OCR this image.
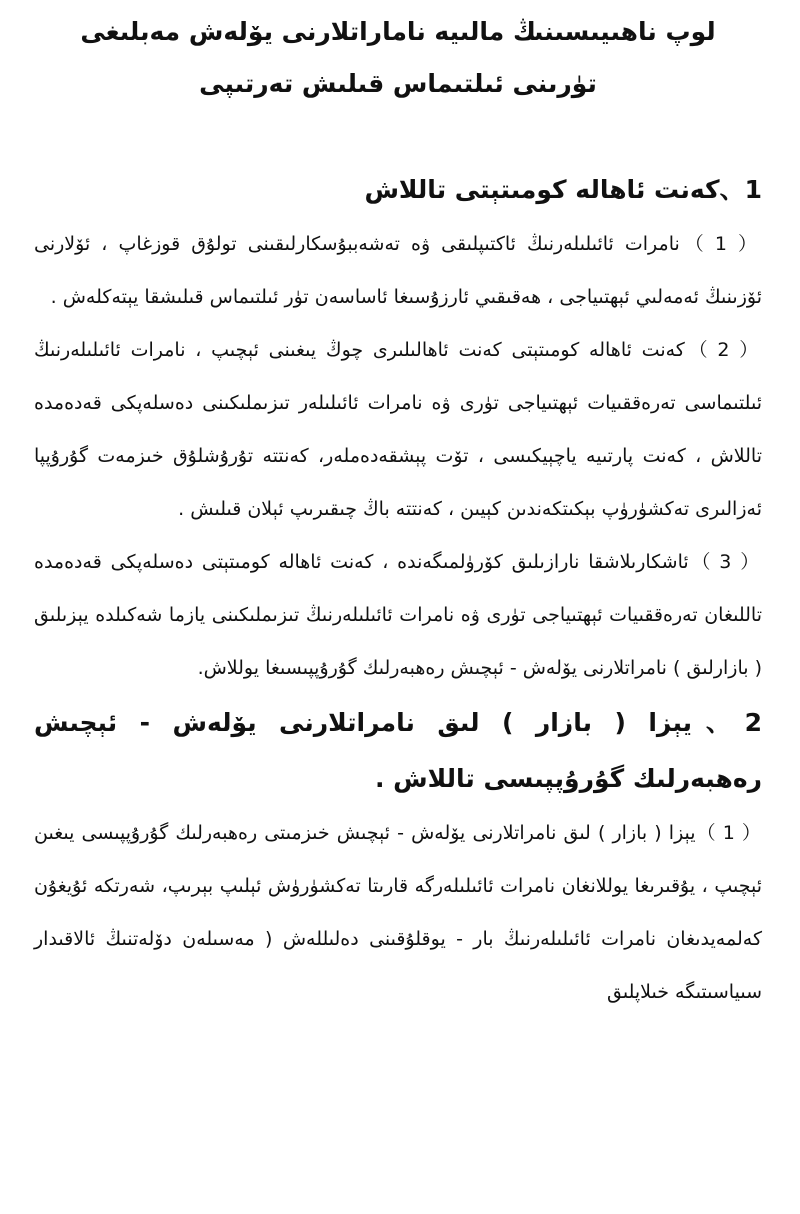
لوپ ناهىيىسىنىڭ مالىيە ناماراتلارنى يۆلەش مەبلىغى تۈرىنى ئىلتىماس قىلىش تەرتىپى
1、كەنت ئاھالە كومىتېتى تاللاش

（ 1 ）نامرات ئائىلىلەرنىڭ ئاكتىپلىقى ۋە تەشەببۇسكارلىقىنى تولۇق قوزغاپ ، ئۆلارنى ئۆزىنىڭ ئەمەلىي ئېھتىياجى ، ھەقىقىي ئارزۇسىغا ئاساسەن تۈر ئىلتىماس قىلىشقا يېتەكلەش .

（ 2 ）كەنت ئاھالە كومىتېتى كەنت ئاھالىلىرى چوڭ يىغىنى ئېچىپ ، نامرات ئائىلىلەرنىڭ ئىلتىماسى تەرەققىيات ئېھتىياجى تۈرى ۋە نامرات ئائىلىلەر تىزىملىكىنى دەسلەپكى قەدەمدە تاللاش ، كەنت پارتىيە ياچېيكىسى ، تۆت پېشقەدەملەر، كەنتتە تۇرۇشلۇق خىزمەت گۇرۇپپا ئەزالىرى تەكشۈرۈپ بېكىتكەندىن كېيىن ، كەنتتە باڭ چىقىرىپ ئېلان قىلىش .

（ 3 ）ئاشكارىلاشقا نارازىلىق كۆرۈلمىگەندە ، كەنت ئاھالە كومىتېتى دەسلەپكى قەدەمدە تاللىغان تەرەققىيات ئېھتىياجى تۈرى ۋە نامرات ئائىلىلەرنىڭ تىزىملىكىنى يازما شەكىلدە يېزىلىق ( بازارلىق ) نامراتلارنى يۆلەش - ئېچىش رەھبەرلىك گۇرۇپپىسىغا يوللاش.

2、يېزا ( بازار ) لىق نامراتلارنى يۆلەش - ئېچىش رەھبەرلىك گۇرۇپپىسى تاللاش .

（ 1 ）يېزا ( بازار ) لىق نامراتلارنى يۆلەش - ئېچىش خىزمىتى رەھبەرلىك گۇرۇپپىسى يىغىن ئېچىپ ، يۇقىرىغا يوللانغان نامرات ئائىلىلەرگە قارىتا تەكشۈرۈش ئېلىپ بېرىپ، شەرتكە ئۇيغۇن كەلمەيدىغان نامرات ئائىلىلەرنىڭ بار - يوقلۇقىنى دەلىللەش ( مەسىلەن دۆلەتنىڭ ئالاقىدار سىياسىتىگە خىلاپلىق
